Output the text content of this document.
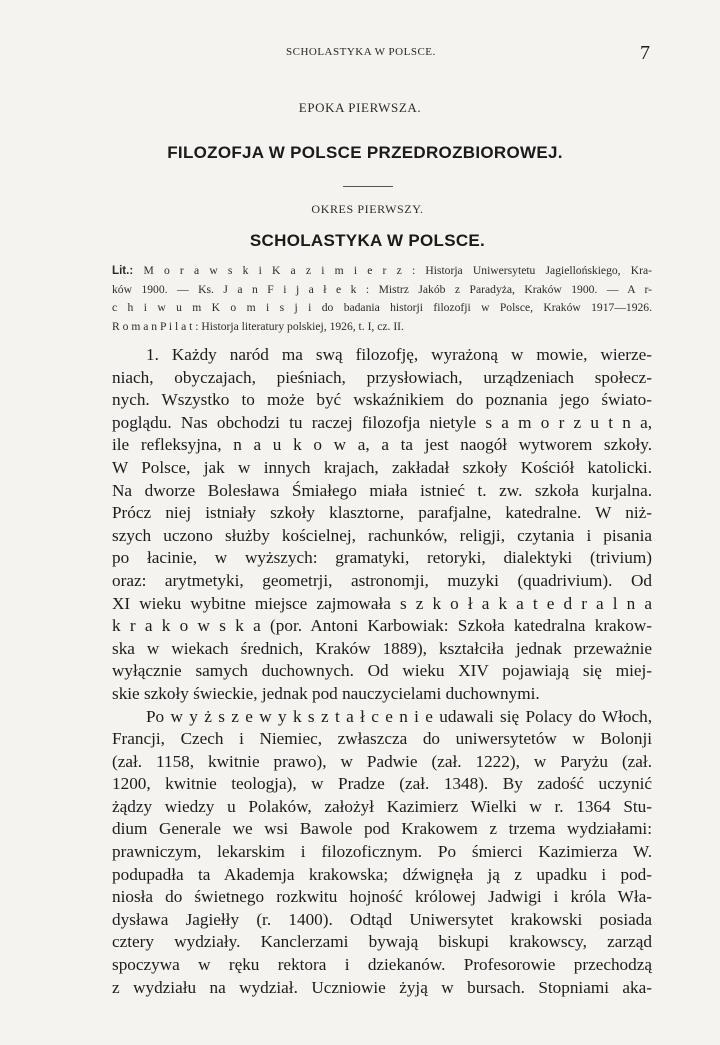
SCHOLASTYKA W POLSCE.	7
EPOKA PIERWSZA.
FILOZOFJA W POLSCE PRZEDROZBIOROWEJ.
OKRES PIERWSZY.
SCHOLASTYKA W POLSCE.
Lit.: M o r a w s k i K a z i m i e r z : Historja Uniwersytetu Jagiellońskiego, Kra-
ków 1900. — Ks. J a n F i j a ł e k : Mistrz Jakób z Paradyża, Kraków 1900. — A r-
c h i w u m K o m i s j i do badania historji filozofji w Polsce, Kraków 1917—1926.
R o m a n P i l a t : Historja literatury polskiej, 1926, t. I, cz. II.
1. Każdy naród ma swą filozofję, wyrażoną w mowie, wierze-
niach, obyczajach, pieśniach, przysłowiach, urządzeniach społecz-
nych. Wszystko to może być wskaźnikiem do poznania jego świato-
poglądu. Nas obchodzi tu raczej filozofja nietyle s a m o r z u t n a,
ile refleksyjna, n a u k o w a, a ta jest naogół wytworem szkoły.
W Polsce, jak w innych krajach, zakładał szkoły Kościół katolicki.
Na dworze Bolesława Śmiałego miała istnieć t. zw. szkoła kurjalna.
Prócz niej istniały szkoły klasztorne, parafjalne, katedralne. W niż-
szych uczono służby kościelnej, rachunków, religji, czytania i pisania
po łacinie, w wyższych: gramatyki, retoryki, dialektyki (trivium)
oraz: arytmetyki, geometrji, astronomji, muzyki (quadrivium). Od
XI wieku wybitne miejsce zajmowała s z k o ł a k a t e d r a l n a
k r a k o w s k a (por. Antoni Karbowiak: Szkoła katedralna krakow-
ska w wiekach średnich, Kraków 1889), kształciła jednak przeważnie
wyłącznie samych duchownych. Od wieku XIV pojawiają się miej-
skie szkoły świeckie, jednak pod nauczycielami duchownymi.
Po w y ż s z e w y k s z t a ł c e n i e udawali się Polacy do Włoch,
Francji, Czech i Niemiec, zwłaszcza do uniwersytetów w Bolonji
(zał. 1158, kwitnie prawo), w Padwie (zał. 1222), w Paryżu (zał.
1200, kwitnie teologja), w Pradze (zał. 1348). By zadość uczynić
żądzy wiedzy u Polaków, założył Kazimierz Wielki w r. 1364 Stu-
dium Generale we wsi Bawole pod Krakowem z trzema wydziałami:
prawniczym, lekarskim i filozoficznym. Po śmierci Kazimierza W.
podupadła ta Akademja krakowska; dźwignęła ją z upadku i pod-
niosła do świetnego rozkwitu hojność królowej Jadwigi i króla Wła-
dysława Jagiełły (r. 1400). Odtąd Uniwersytet krakowski posiada
cztery wydziały. Kanclerzami bywają biskupi krakowscy, zarząd
spoczywa w ręku rektora i dziekanów. Profesorowie przechodzą
z wydziału na wydział. Uczniowie żyją w bursach. Stopniami aka-
